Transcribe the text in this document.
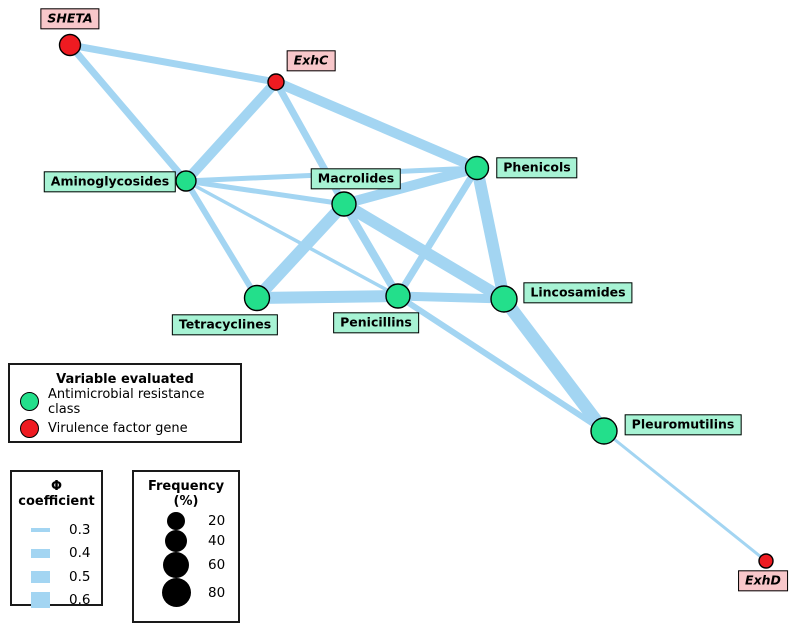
SHETA
ExhC
Aminoglycosides	Macrolides
Phenicols
Tetracyclines	Penicillins
Lincosamides
Pleuromutilins
ExhD
Variable evaluated
Antimicrobial resistance class
Virulence factor gene
Φ coefficient
0.3
0.4
0.5
0.6
Frequency (%)
20
40
60
80
